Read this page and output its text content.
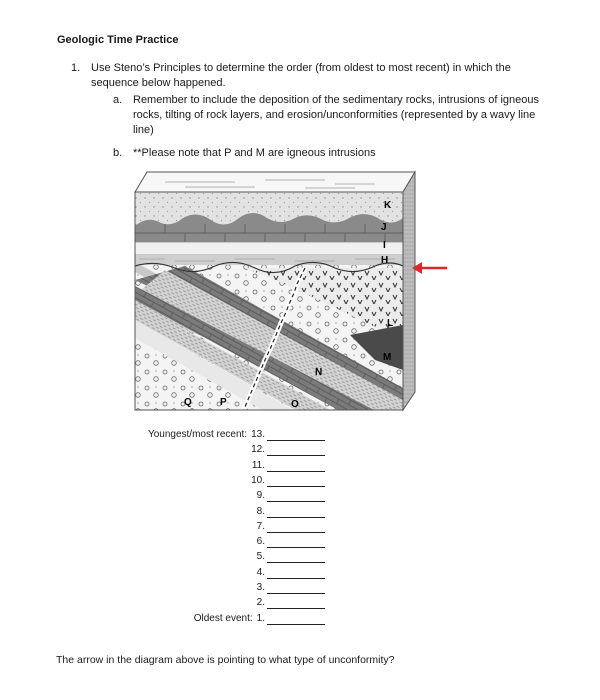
Geologic Time Practice
1. Use Steno’s Principles to determine the order (from oldest to most recent) in which the sequence below happened.
a. Remember to include the deposition of the sedimentary rocks, intrusions of igneous rocks, tilting of rock layers, and erosion/unconformities (represented by a wavy line line)
b. **Please note that P and M are igneous intrusions
K
J
I
H
L
M
N
O
P
Q
Youngest/most recent: 13.
12.
11.
10.
9.
8.
7.
6.
5.
4.
3.
2.
Oldest event: 1.
The arrow in the diagram above is pointing to what type of unconformity?
